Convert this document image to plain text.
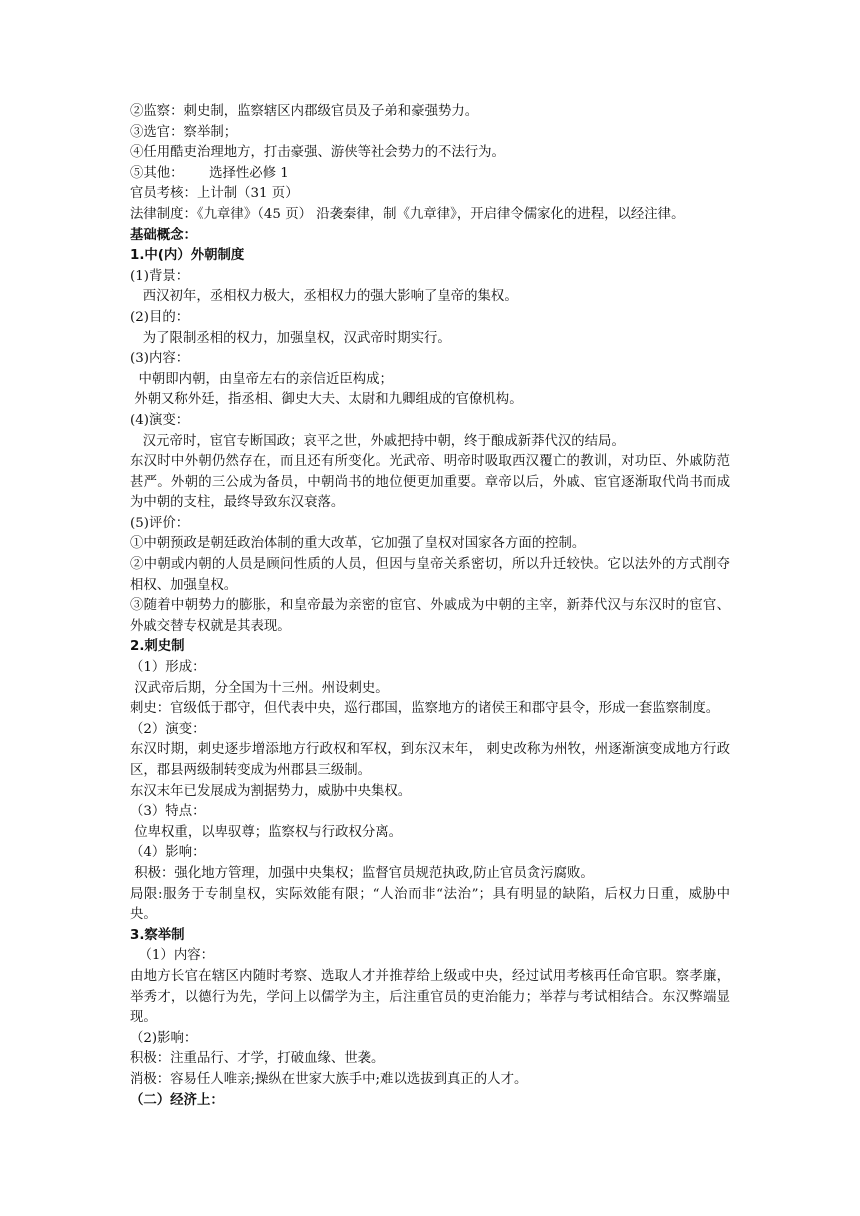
②监察：刺史制，监察辖区内郡级官员及子弟和豪强势力。
③选官：察举制；
④任用酷吏治理地方，打击豪强、游侠等社会势力的不法行为。
⑤其他：      选择性必修 1
官员考核：上计制（31 页）
法律制度：《九章律》（45 页） 沿袭秦律，制《九章律》，开启律令儒家化的进程，以经注律。
基础概念：
1.中(内）外朝制度
(1)背景：
西汉初年，丞相权力极大，丞相权力的强大影响了皇帝的集权。
(2)目的：
为了限制丞相的权力，加强皇权，汉武帝时期实行。
(3)内容：
中朝即内朝，由皇帝左右的亲信近臣构成；
外朝又称外廷，指丞相、御史大夫、太尉和九卿组成的官僚机构。
(4)演变：
汉元帝时，宦官专断国政；哀平之世，外戚把持中朝，终于酿成新莽代汉的结局。
东汉时中外朝仍然存在，而且还有所变化。光武帝、明帝时吸取西汉覆亡的教训，对功臣、外戚防范甚严。外朝的三公成为备员，中朝尚书的地位便更加重要。章帝以后，外戚、宦官逐渐取代尚书而成为中朝的支柱，最终导致东汉衰落。
(5)评价：
①中朝预政是朝廷政治体制的重大改革，它加强了皇权对国家各方面的控制。
②中朝或内朝的人员是顾问性质的人员，但因与皇帝关系密切，所以升迁较快。它以法外的方式削夺相权、加强皇权。
③随着中朝势力的膨胀，和皇帝最为亲密的宦官、外戚成为中朝的主宰，新莽代汉与东汉时的宦官、外戚交替专权就是其表现。
2.刺史制
（1）形成：
汉武帝后期，分全国为十三州。州设刺史。
刺史：官级低于郡守，但代表中央，巡行郡国，监察地方的诸侯王和郡守县令，形成一套监察制度。
（2）演变：
东汉时期，刺史逐步增添地方行政权和军权，到东汉末年， 刺史改称为州牧，州逐渐演变成地方行政区，郡县两级制转变成为州郡县三级制。
东汉末年已发展成为割据势力，威胁中央集权。
（3）特点：
位卑权重，以卑驭尊；监察权与行政权分离。
（4）影响：
积极：强化地方管理，加强中央集权；监督官员规范执政,防止官员贪污腐败。
局限:服务于专制皇权，实际效能有限；“人治而非“法治”；具有明显的缺陷，后权力日重，威胁中央。
3.察举制
（1）内容：
由地方长官在辖区内随时考察、选取人才并推荐给上级或中央，经过试用考核再任命官职。察孝廉，举秀才，以德行为先，学问上以儒学为主，后注重官员的吏治能力；举荐与考试相结合。东汉弊端显现。
（2)影响：
积极：注重品行、才学，打破血缘、世袭。
消极：容易任人唯亲;操纵在世家大族手中;难以选拔到真正的人才。
（二）经济上：
